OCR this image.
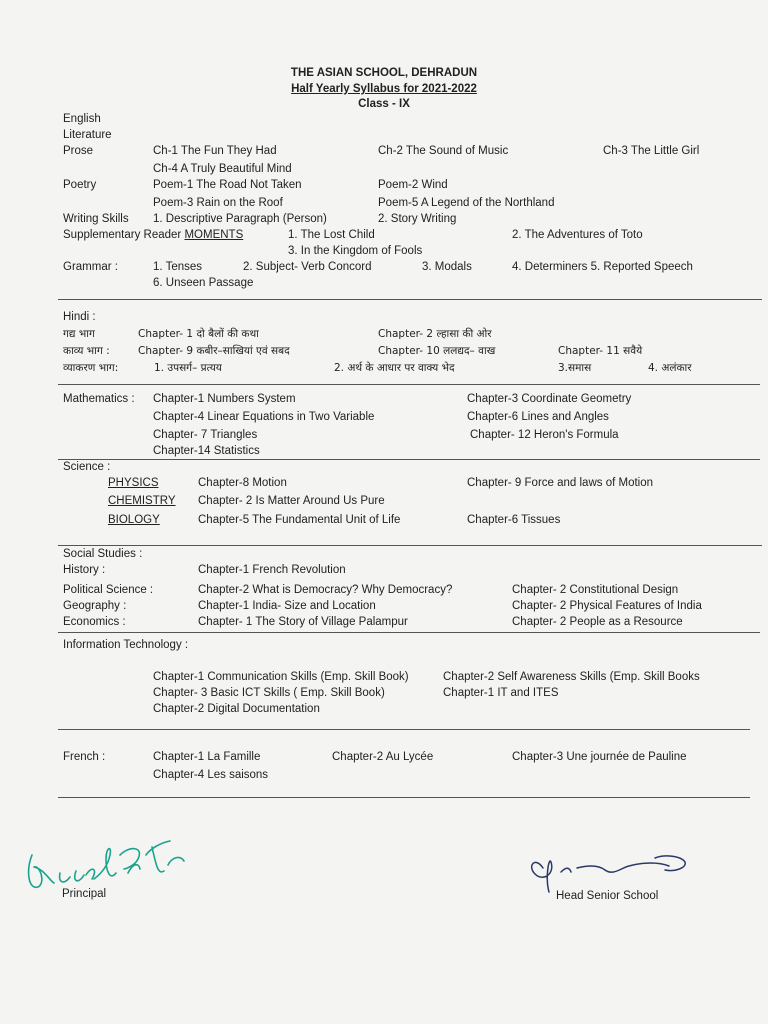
THE ASIAN SCHOOL, DEHRADUN
Half Yearly Syllabus for 2021-2022
Class - IX
English
Literature
Prose	Ch-1 The Fun They Had	Ch-2 The Sound of Music	Ch-3 The Little Girl
Ch-4 A Truly Beautiful Mind
Poetry	Poem-1 The Road Not Taken	Poem-2 Wind
Poem-3 Rain on the Roof	Poem-5 A Legend of the Northland
Writing Skills 1. Descriptive Paragraph (Person)	2. Story Writing
Supplementary Reader MOMENTS	1. The Lost Child	2. The Adventures of Toto
3. In the Kingdom of Fools
Grammar :	1. Tenses	2. Subject- Verb Concord	3. Modals	4. Determiners 5. Reported Speech
6. Unseen Passage
Hindi :
गद्य भाग	Chapter- 1 दो बैलों की कथा	Chapter- 2 ल्हासा की ओर
काव्य भाग :	Chapter- 9 कबीर–साखियां एवं सबद	Chapter- 10 ललद्यद– वाख	Chapter- 11 सवैये
व्याकरण भाग:	1. उपसर्ग– प्रत्यय	2. अर्थ के आधार पर वाक्य भेद	3.समास	4. अलंकार
Mathematics : Chapter-1 Numbers System	Chapter-3 Coordinate Geometry
Chapter-4 Linear Equations in Two Variable	Chapter-6 Lines and Angles
Chapter- 7 Triangles	Chapter- 12 Heron's Formula
Chapter-14 Statistics
Science :
PHYSICS	Chapter-8 Motion	Chapter- 9 Force and laws of Motion
CHEMISTRY Chapter- 2 Is Matter Around Us Pure
BIOLOGY	Chapter-5 The Fundamental Unit of Life	Chapter-6 Tissues
Social Studies :
History :	Chapter-1 French Revolution
Political Science :	Chapter-2 What is Democracy? Why Democracy?	Chapter- 2 Constitutional Design
Geography :	Chapter-1 India- Size and Location	Chapter- 2 Physical Features of India
Economics :	Chapter- 1 The Story of Village Palampur	Chapter- 2 People as a Resource
Information Technology :
Chapter-1 Communication Skills (Emp. Skill Book)	Chapter-2 Self Awareness Skills (Emp. Skill Books
Chapter- 3 Basic ICT Skills ( Emp. Skill Book)	Chapter-1 IT and ITES
Chapter-2 Digital Documentation
French :	Chapter-1 La Famille	Chapter-2 Au Lycée	Chapter-3 Une journée de Pauline
Chapter-4 Les saisons
Ruchi P. Datta
Principal	Head Senior School
